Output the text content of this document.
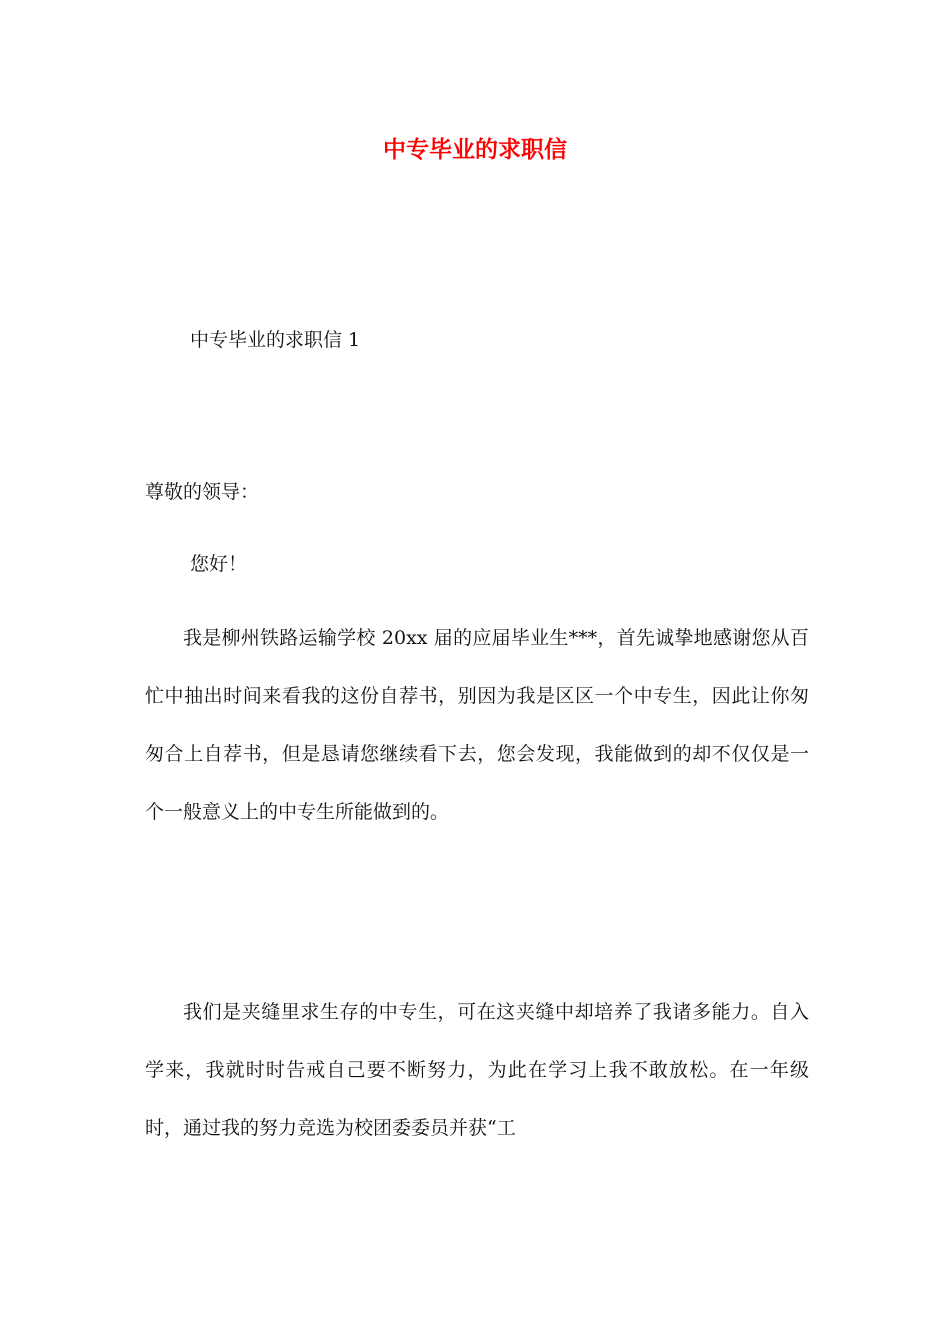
中专毕业的求职信

中专毕业的求职信 1

尊敬的领导：

您好！

我是柳州铁路运输学校 20xx 届的应届毕业生***，首先诚挚地感谢您从百忙中抽出时间来看我的这份自荐书，别因为我是区区一个中专生，因此让你匆匆合上自荐书，但是恳请您继续看下去，您会发现，我能做到的却不仅仅是一个一般意义上的中专生所能做到的。

我们是夹缝里求生存的中专生，可在这夹缝中却培养了我诸多能力。自入学来，我就时时告戒自己要不断努力，为此在学习上我不敢放松。在一年级时，通过我的努力竞选为校团委委员并获“工
